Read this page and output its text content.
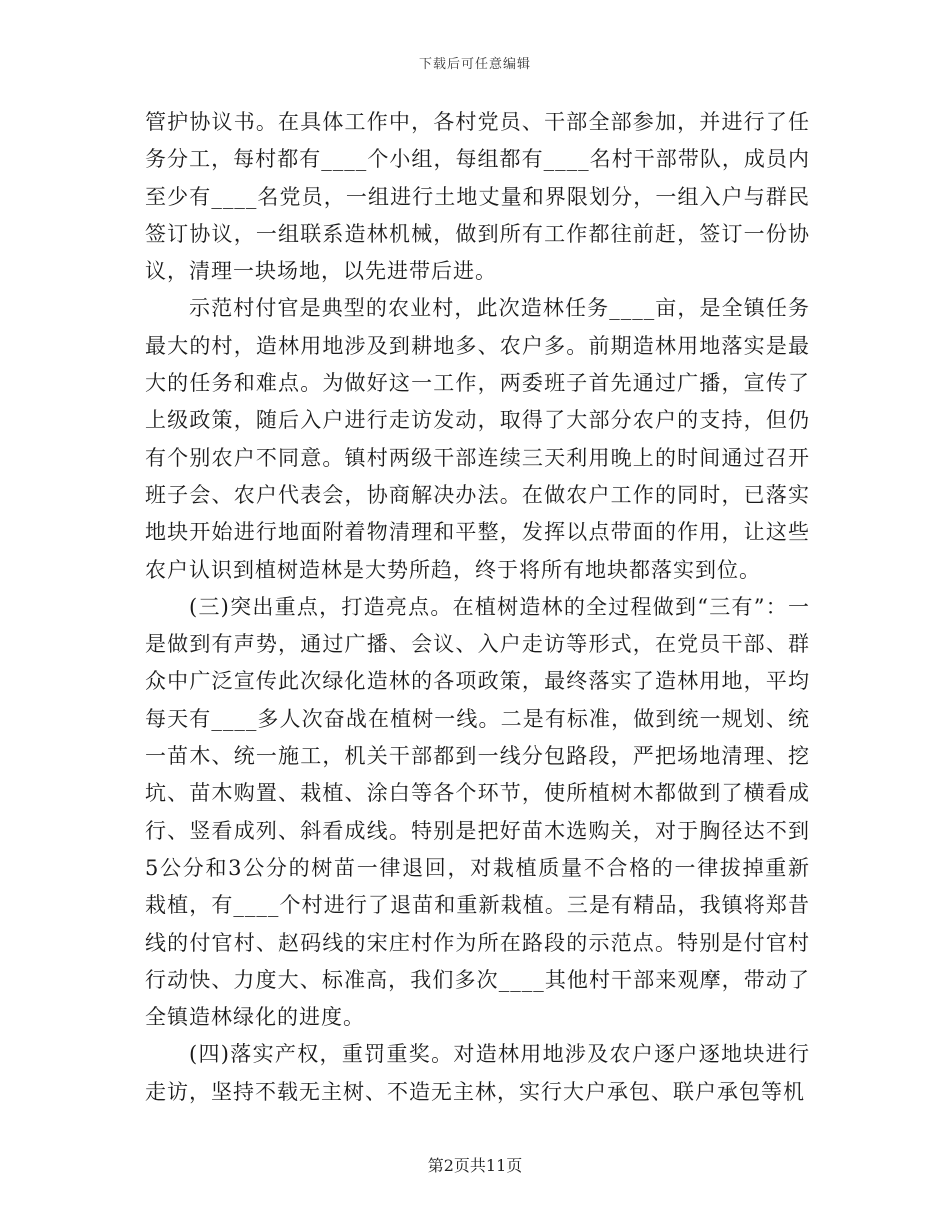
下载后可任意编辑

管护协议书。在具体工作中，各村党员、干部全部参加，并进行了任务分工，每村都有____个小组，每组都有____名村干部带队，成员内至少有____名党员，一组进行土地丈量和界限划分，一组入户与群民签订协议，一组联系造林机械，做到所有工作都往前赶，签订一份协议，清理一块场地，以先进带后进。

示范村付官是典型的农业村，此次造林任务____亩，是全镇任务最大的村，造林用地涉及到耕地多、农户多。前期造林用地落实是最大的任务和难点。为做好这一工作，两委班子首先通过广播，宣传了上级政策，随后入户进行走访发动，取得了大部分农户的支持，但仍有个别农户不同意。镇村两级干部连续三天利用晚上的时间通过召开班子会、农户代表会，协商解决办法。在做农户工作的同时，已落实地块开始进行地面附着物清理和平整，发挥以点带面的作用，让这些农户认识到植树造林是大势所趋，终于将所有地块都落实到位。

(三)突出重点，打造亮点。在植树造林的全过程做到“三有”：一是做到有声势，通过广播、会议、入户走访等形式，在党员干部、群众中广泛宣传此次绿化造林的各项政策，最终落实了造林用地，平均每天有____多人次奋战在植树一线。二是有标准，做到统一规划、统一苗木、统一施工，机关干部都到一线分包路段，严把场地清理、挖坑、苗木购置、栽植、涂白等各个环节，使所植树木都做到了横看成行、竖看成列、斜看成线。特别是把好苗木选购关，对于胸径达不到5公分和3公分的树苗一律退回，对栽植质量不合格的一律拔掉重新栽植，有____个村进行了退苗和重新栽植。三是有精品，我镇将郑昔线的付官村、赵码线的宋庄村作为所在路段的示范点。特别是付官村行动快、力度大、标准高，我们多次____其他村干部来观摩，带动了全镇造林绿化的进度。

(四)落实产权，重罚重奖。对造林用地涉及农户逐户逐地块进行走访，坚持不载无主树、不造无主林，实行大户承包、联户承包等机

第2页共11页
